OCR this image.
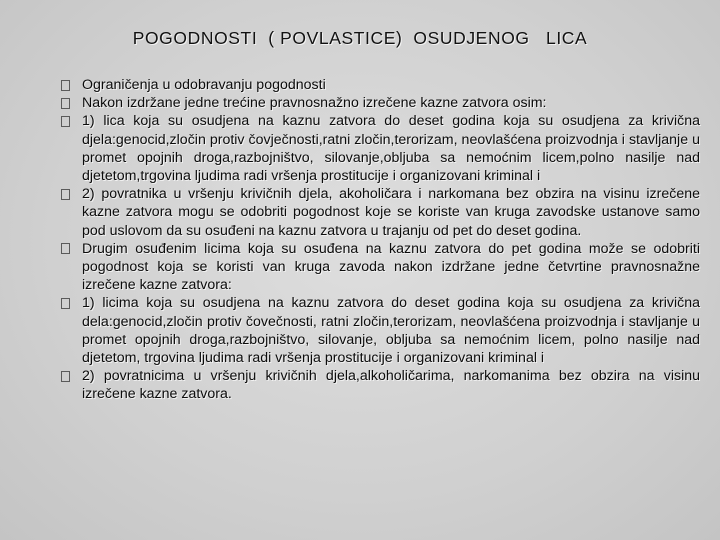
POGODNOSTI  ( POVLASTICE)  OSUDJENOG   LICA
Ograničenja u odobravanju pogodnosti
Nakon izdržane jedne trećine pravnosnažno izrečene kazne zatvora osim:
1) lica koja su osudjena na kaznu zatvora do deset godina koja su osudjena za krivična djela:genocid,zločin protiv čovječnosti,ratni zločin,terorizam, neovlašćena proizvodnja i stavljanje u promet opojnih droga,razbojništvo, silovanje,obljuba sa nemoćnim licem,polno nasilje nad djetetom,trgovina ljudima radi vršenja prostitucije i organizovani kriminal i
2) povratnika u vršenju krivičnih djela, akoholičara i narkomana bez obzira na visinu izrečene kazne zatvora mogu se odobriti pogodnost koje se koriste van kruga zavodske ustanove samo pod uslovom da su osuđeni na kaznu zatvora u trajanju od pet do deset godina.
Drugim osuđenim licima koja su osuđena na kaznu zatvora do pet godina može se odobriti pogodnost koja se koristi van kruga zavoda nakon izdržane jedne četvrtine pravnosnažne izrečene kazne zatvora:
1) licima koja su osudjena na kaznu zatvora do deset godina koja su osudjena za krivična dela:genocid,zločin protiv čovečnosti, ratni zločin,terorizam, neovlašćena proizvodnja i stavljanje u promet opojnih droga,razbojništvo, silovanje, obljuba sa nemoćnim licem, polno nasilje nad djetetom, trgovina ljudima radi vršenja prostitucije i organizovani kriminal i
2) povratnicima u vršenju krivičnih djela,alkoholičarima, narkomanima bez obzira na visinu izrečene kazne zatvora.
